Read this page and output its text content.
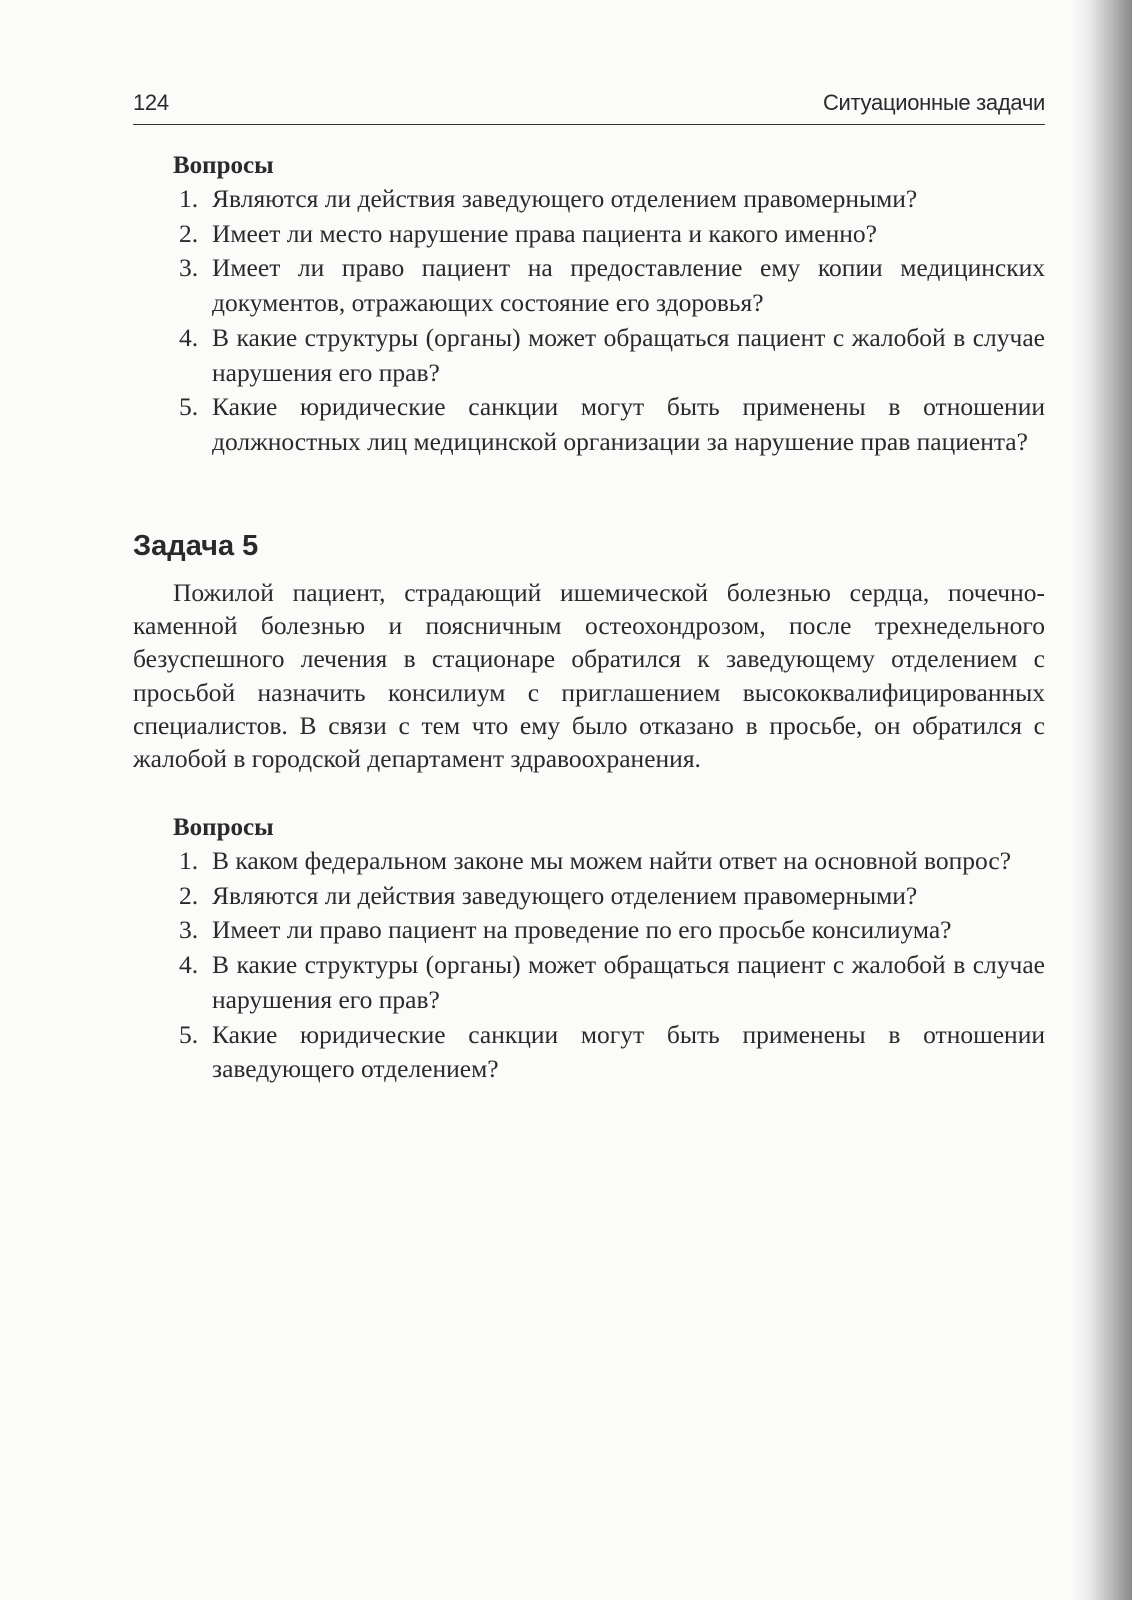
124	Ситуационные задачи
Вопросы
1. Являются ли действия заведующего отделением правомерными?
2. Имеет ли место нарушение права пациента и какого именно?
3. Имеет ли право пациент на предоставление ему копии медицинских документов, отражающих состояние его здоровья?
4. В какие структуры (органы) может обращаться пациент с жалобой в случае нарушения его прав?
5. Какие юридические санкции могут быть применены в отношении должностных лиц медицинской организации за нарушение прав пациента?
Задача 5

Пожилой пациент, страдающий ишемической болезнью сердца, почечно-каменной болезнью и поясничным остеохондрозом, после трехнедельного безуспешного лечения в стационаре обратился к заведующему отделением с просьбой назначить консилиум с приглашением высококвалифицированных специалистов. В связи с тем что ему было отказано в просьбе, он обратился с жалобой в городской департамент здравоохранения.

Вопросы
1. В каком федеральном законе мы можем найти ответ на основной вопрос?
2. Являются ли действия заведующего отделением правомерными?
3. Имеет ли право пациент на проведение по его просьбе консилиума?
4. В какие структуры (органы) может обращаться пациент с жалобой в случае нарушения его прав?
5. Какие юридические санкции могут быть применены в отношении заведующего отделением?
